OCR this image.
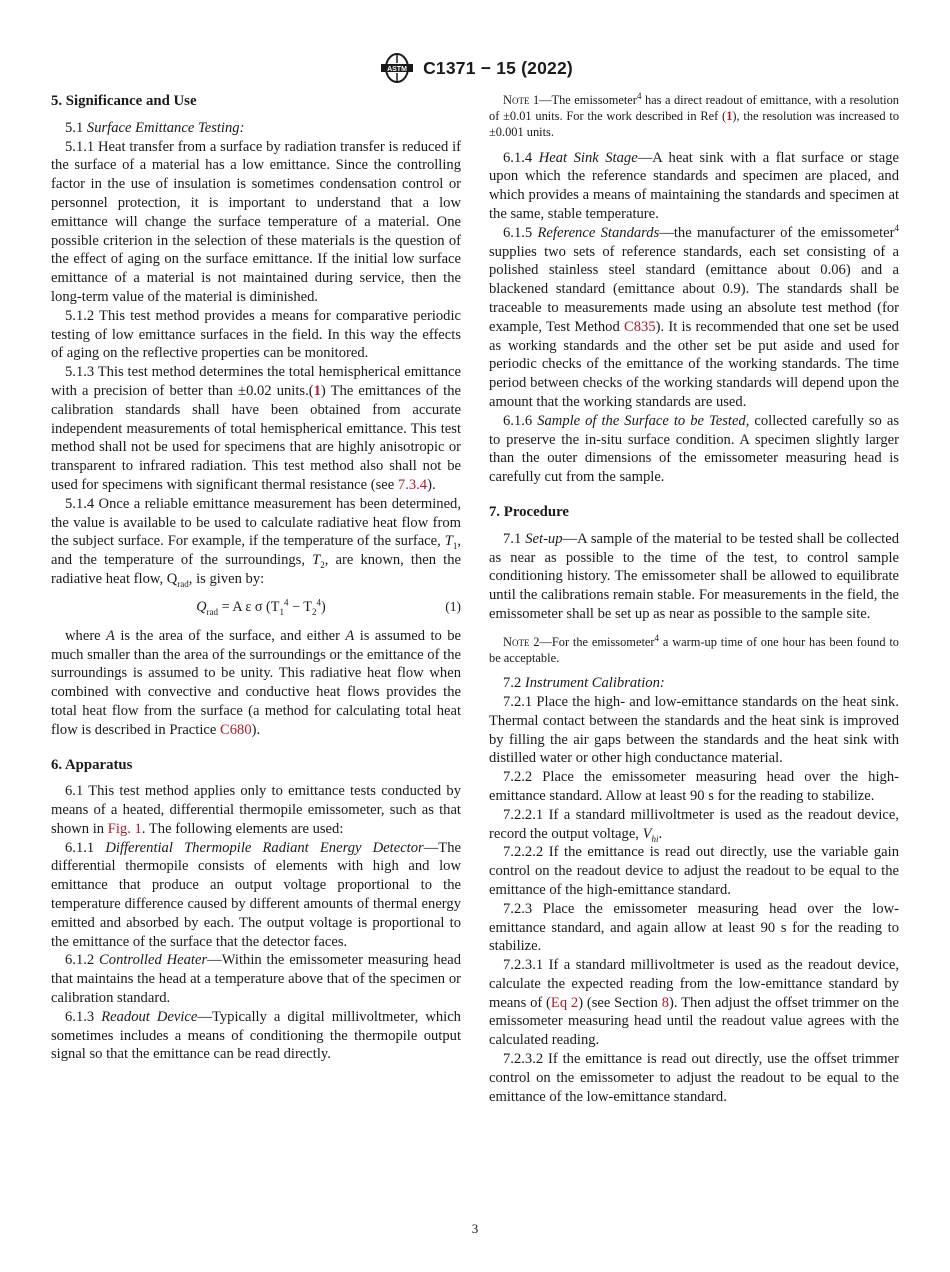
ASTM C1371 − 15 (2022)
5. Significance and Use

5.1 Surface Emittance Testing:

5.1.1 Heat transfer from a surface by radiation transfer is reduced if the surface of a material has a low emittance. Since the controlling factor in the use of insulation is sometimes condensation control or personnel protection, it is important to understand that a low emittance will change the surface temperature of a material. One possible criterion in the selection of these materials is the question of the effect of aging on the surface emittance. If the initial low surface emittance of a material is not maintained during service, then the long-term value of the material is diminished.

5.1.2 This test method provides a means for comparative periodic testing of low emittance surfaces in the field. In this way the effects of aging on the reflective properties can be monitored.

5.1.3 This test method determines the total hemispherical emittance with a precision of better than ±0.02 units.(1) The emittances of the calibration standards shall have been obtained from accurate independent measurements of total hemispherical emittance. This test method shall not be used for specimens that are highly anisotropic or transparent to infrared radiation. This test method also shall not be used for specimens with significant thermal resistance (see 7.3.4).

5.1.4 Once a reliable emittance measurement has been determined, the value is available to be used to calculate radiative heat flow from the subject surface. For example, if the temperature of the surface, $T_1$, and the temperature of the surroundings, $T_2$, are known, then the radiative heat flow, $Q_{rad}$, is given by:

$Q_{rad} = A$ ε σ $(T_1^4 - T_2^4)$	(1)

where A is the area of the surface, and either A is assumed to be much smaller than the area of the surroundings or the emittance of the surroundings is assumed to be unity. This radiative heat flow when combined with convective and conductive heat flows provides the total heat flow from the surface (a method for calculating total heat flow is described in Practice C680).

6. Apparatus

6.1 This test method applies only to emittance tests conducted by means of a heated, differential thermopile emissometer, such as that shown in Fig. 1. The following elements are used:

6.1.1 Differential Thermopile Radiant Energy Detector—The differential thermopile consists of elements with high and low emittance that produce an output voltage proportional to the temperature difference caused by different amounts of thermal energy emitted and absorbed by each. The output voltage is proportional to the emittance of the surface that the detector faces.

6.1.2 Controlled Heater—Within the emissometer measuring head that maintains the head at a temperature above that of the specimen or calibration standard.

6.1.3 Readout Device—Typically a digital millivoltmeter, which sometimes includes a means of conditioning the thermopile output signal so that the emittance can be read directly.

Note 1—The emissometer$^4$ has a direct readout of emittance, with a resolution of ±0.01 units. For the work described in Ref (1), the resolution was increased to ±0.001 units.

6.1.4 Heat Sink Stage—A heat sink with a flat surface or stage upon which the reference standards and specimen are placed, and which provides a means of maintaining the standards and specimen at the same, stable temperature.

6.1.5 Reference Standards—the manufacturer of the emissometer$^4$ supplies two sets of reference standards, each set consisting of a polished stainless steel standard (emittance about 0.06) and a blackened standard (emittance about 0.9). The standards shall be traceable to measurements made using an absolute test method (for example, Test Method C835). It is recommended that one set be used as working standards and the other set be put aside and used for periodic checks of the emittance of the working standards. The time period between checks of the working standards will depend upon the amount that the working standards are used.

6.1.6 Sample of the Surface to be Tested, collected carefully so as to preserve the in-situ surface condition. A specimen slightly larger than the outer dimensions of the emissometer measuring head is carefully cut from the sample.

7. Procedure

7.1 Set-up—A sample of the material to be tested shall be collected as near as possible to the time of the test, to control sample conditioning history. The emissometer shall be allowed to equilibrate until the calibrations remain stable. For measurements in the field, the emissometer shall be set up as near as possible to the sample site.

Note 2—For the emissometer$^4$ a warm-up time of one hour has been found to be acceptable.

7.2 Instrument Calibration:

7.2.1 Place the high- and low-emittance standards on the heat sink. Thermal contact between the standards and the heat sink is improved by filling the air gaps between the standards and the heat sink with distilled water or other high conductance material.

7.2.2 Place the emissometer measuring head over the high-emittance standard. Allow at least 90 s for the reading to stabilize.

7.2.2.1 If a standard millivoltmeter is used as the readout device, record the output voltage, $V_{hi}$.

7.2.2.2 If the emittance is read out directly, use the variable gain control on the readout device to adjust the readout to be equal to the emittance of the high-emittance standard.

7.2.3 Place the emissometer measuring head over the low-emittance standard, and again allow at least 90 s for the reading to stabilize.

7.2.3.1 If a standard millivoltmeter is used as the readout device, calculate the expected reading from the low-emittance standard by means of (Eq 2) (see Section 8). Then adjust the offset trimmer on the emissometer measuring head until the readout value agrees with the calculated reading.

7.2.3.2 If the emittance is read out directly, use the offset trimmer control on the emissometer to adjust the readout to be equal to the emittance of the low-emittance standard.

3
